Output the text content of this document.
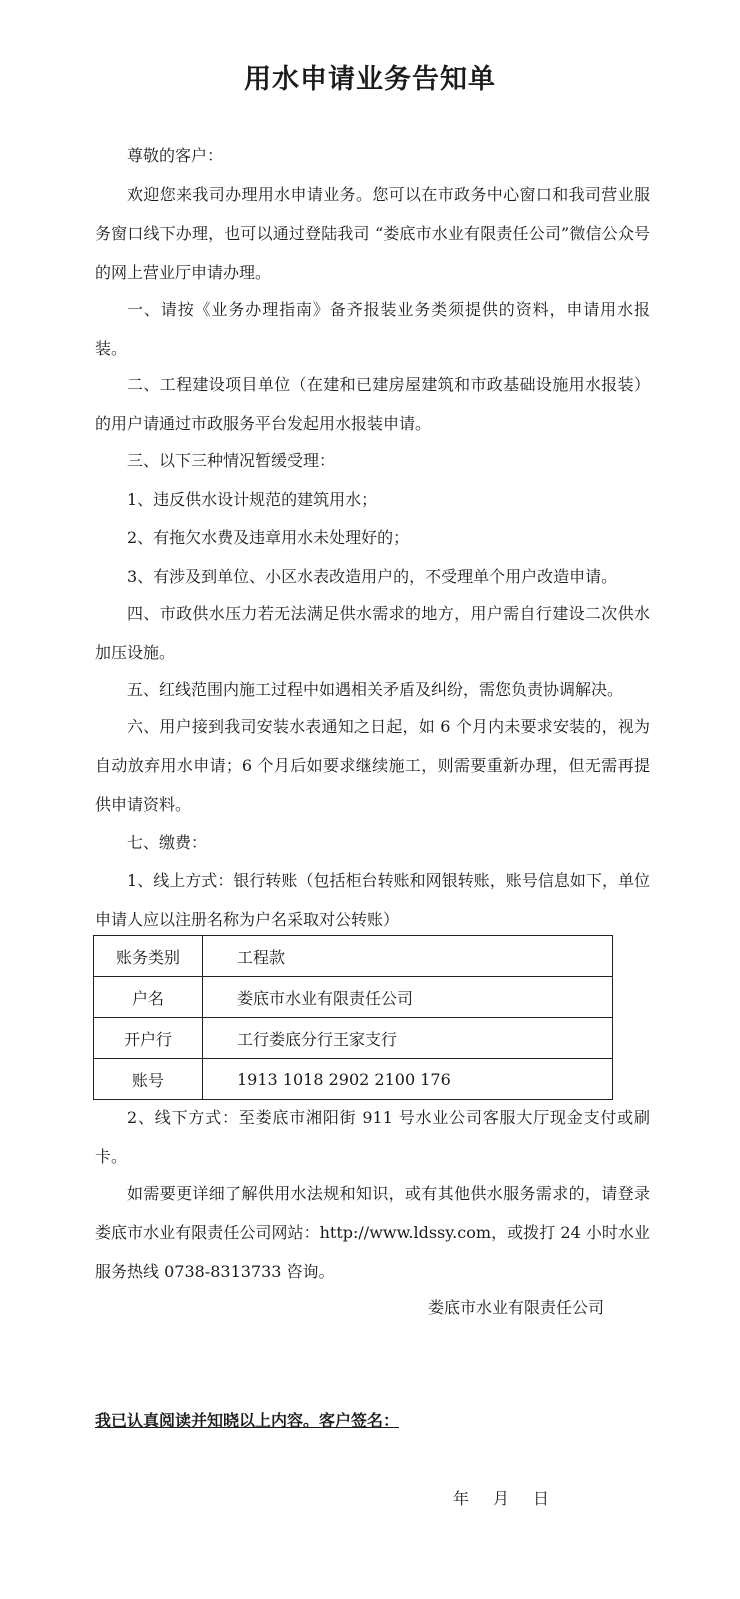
用水申请业务告知单

尊敬的客户：

欢迎您来我司办理用水申请业务。您可以在市政务中心窗口和我司营业服务窗口线下办理，也可以通过登陆我司 “娄底市水业有限责任公司”微信公众号的网上营业厅申请办理。

一、请按《业务办理指南》备齐报装业务类须提供的资料，申请用水报装。

二、工程建设项目单位（在建和已建房屋建筑和市政基础设施用水报装）的用户请通过市政服务平台发起用水报装申请。

三、以下三种情况暂缓受理：

1、违反供水设计规范的建筑用水；

2、有拖欠水费及违章用水未处理好的；

3、有涉及到单位、小区水表改造用户的，不受理单个用户改造申请。

四、市政供水压力若无法满足供水需求的地方，用户需自行建设二次供水加压设施。

五、红线范围内施工过程中如遇相关矛盾及纠纷，需您负责协调解决。

六、用户接到我司安装水表通知之日起，如 6 个月内未要求安装的，视为自动放弃用水申请；6 个月后如要求继续施工，则需要重新办理，但无需再提供申请资料。

七、缴费：

1、线上方式：银行转账（包括柜台转账和网银转账，账号信息如下，单位申请人应以注册名称为户名采取对公转账）

账务类别	工程款
户名	娄底市水业有限责任公司
开户行	工行娄底分行王家支行
账号	1913 1018 2902 2100 176

2、线下方式：至娄底市湘阳街 911 号水业公司客服大厅现金支付或刷卡。

如需要更详细了解供用水法规和知识，或有其他供水服务需求的，请登录娄底市水业有限责任公司网站：http://www.ldssy.com，或拨打 24 小时水业服务热线 0738-8313733 咨询。

娄底市水业有限责任公司

我已认真阅读并知晓以上内容。客户签名：

年 月 日
